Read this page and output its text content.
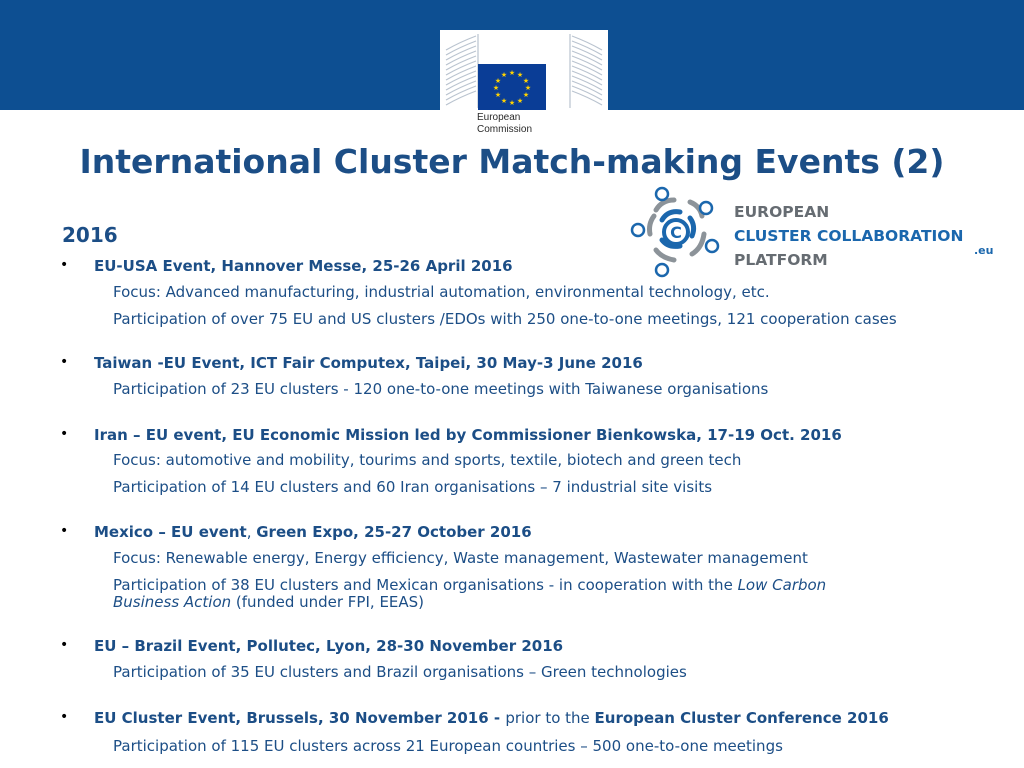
★ ★
★
★
★
★
★
★
★
★
★
★
European
Commission
International Cluster Match-making Events (2)
C
EUROPEAN
CLUSTER COLLABORATION
PLATFORM
.eu
2016
• EU-USA Event, Hannover Messe, 25-26 April 2016
Focus: Advanced manufacturing, industrial automation, environmental technology, etc.
Participation of over 75 EU and US clusters /EDOs with 250 one-to-one meetings, 121 cooperation cases
• Taiwan -EU Event, ICT Fair Computex, Taipei, 30 May-3 June 2016
Participation of 23 EU clusters - 120 one-to-one meetings with Taiwanese organisations
• Iran – EU event, EU Economic Mission led by Commissioner Bienkowska, 17-19 Oct. 2016
Focus: automotive and mobility, tourims and sports, textile, biotech and green tech
Participation of 14 EU clusters and 60 Iran organisations – 7 industrial site visits
• Mexico – EU event, Green Expo, 25-27 October 2016
Focus: Renewable energy, Energy efficiency, Waste management, Wastewater management
Participation of 38 EU clusters and Mexican organisations - in cooperation with the Low Carbon
Business Action (funded under FPI, EEAS)
• EU – Brazil Event, Pollutec, Lyon, 28-30 November 2016
Participation of 35 EU clusters and Brazil organisations – Green technologies
• EU Cluster Event, Brussels, 30 November 2016 - prior to the European Cluster Conference 2016
Participation of 115 EU clusters across 21 European countries – 500 one-to-one meetings
